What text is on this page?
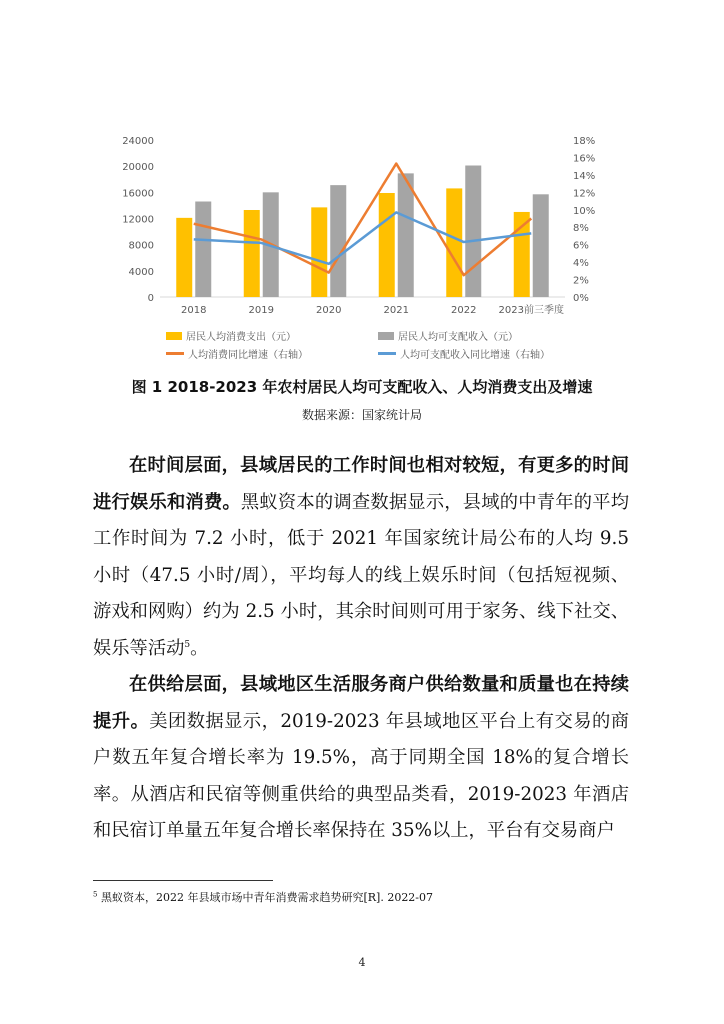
0
4000
8000
12000
16000
20000
24000
0%
2%
4%
6%
8%
10%
12%
14%
16%
18%
2018	2019	2020	2021	2022 2023前三季度
居民人均消费支出（元）	居民人均可支配收入（元）
人均消费同比增速（右轴）	人均可支配收入同比增速（右轴）
图 1 2018-2023 年农村居民人均可支配收入、人均消费支出及增速
数据来源：国家统计局

在时间层面，县域居民的工作时间也相对较短，有更多的时间进行娱乐和消费。黑蚁资本的调查数据显示，县域的中青年的平均工作时间为 7.2 小时，低于 2021 年国家统计局公布的人均 9.5 小时（47.5 小时/周），平均每人的线上娱乐时间（包括短视频、游戏和网购）约为 2.5 小时，其余时间则可用于家务、线下社交、娱乐等活动$^5$。

在供给层面，县域地区生活服务商户供给数量和质量也在持续提升。美团数据显示，2019-2023 年县域地区平台上有交易的商户数五年复合增长率为 19.5%，高于同期全国 18%的复合增长率。从酒店和民宿等侧重供给的典型品类看，2019-2023 年酒店和民宿订单量五年复合增长率保持在 35%以上，平台有交易商户

$^5$ 黑蚁资本，2022 年县域市场中青年消费需求趋势研究[R]. 2022-07
4
